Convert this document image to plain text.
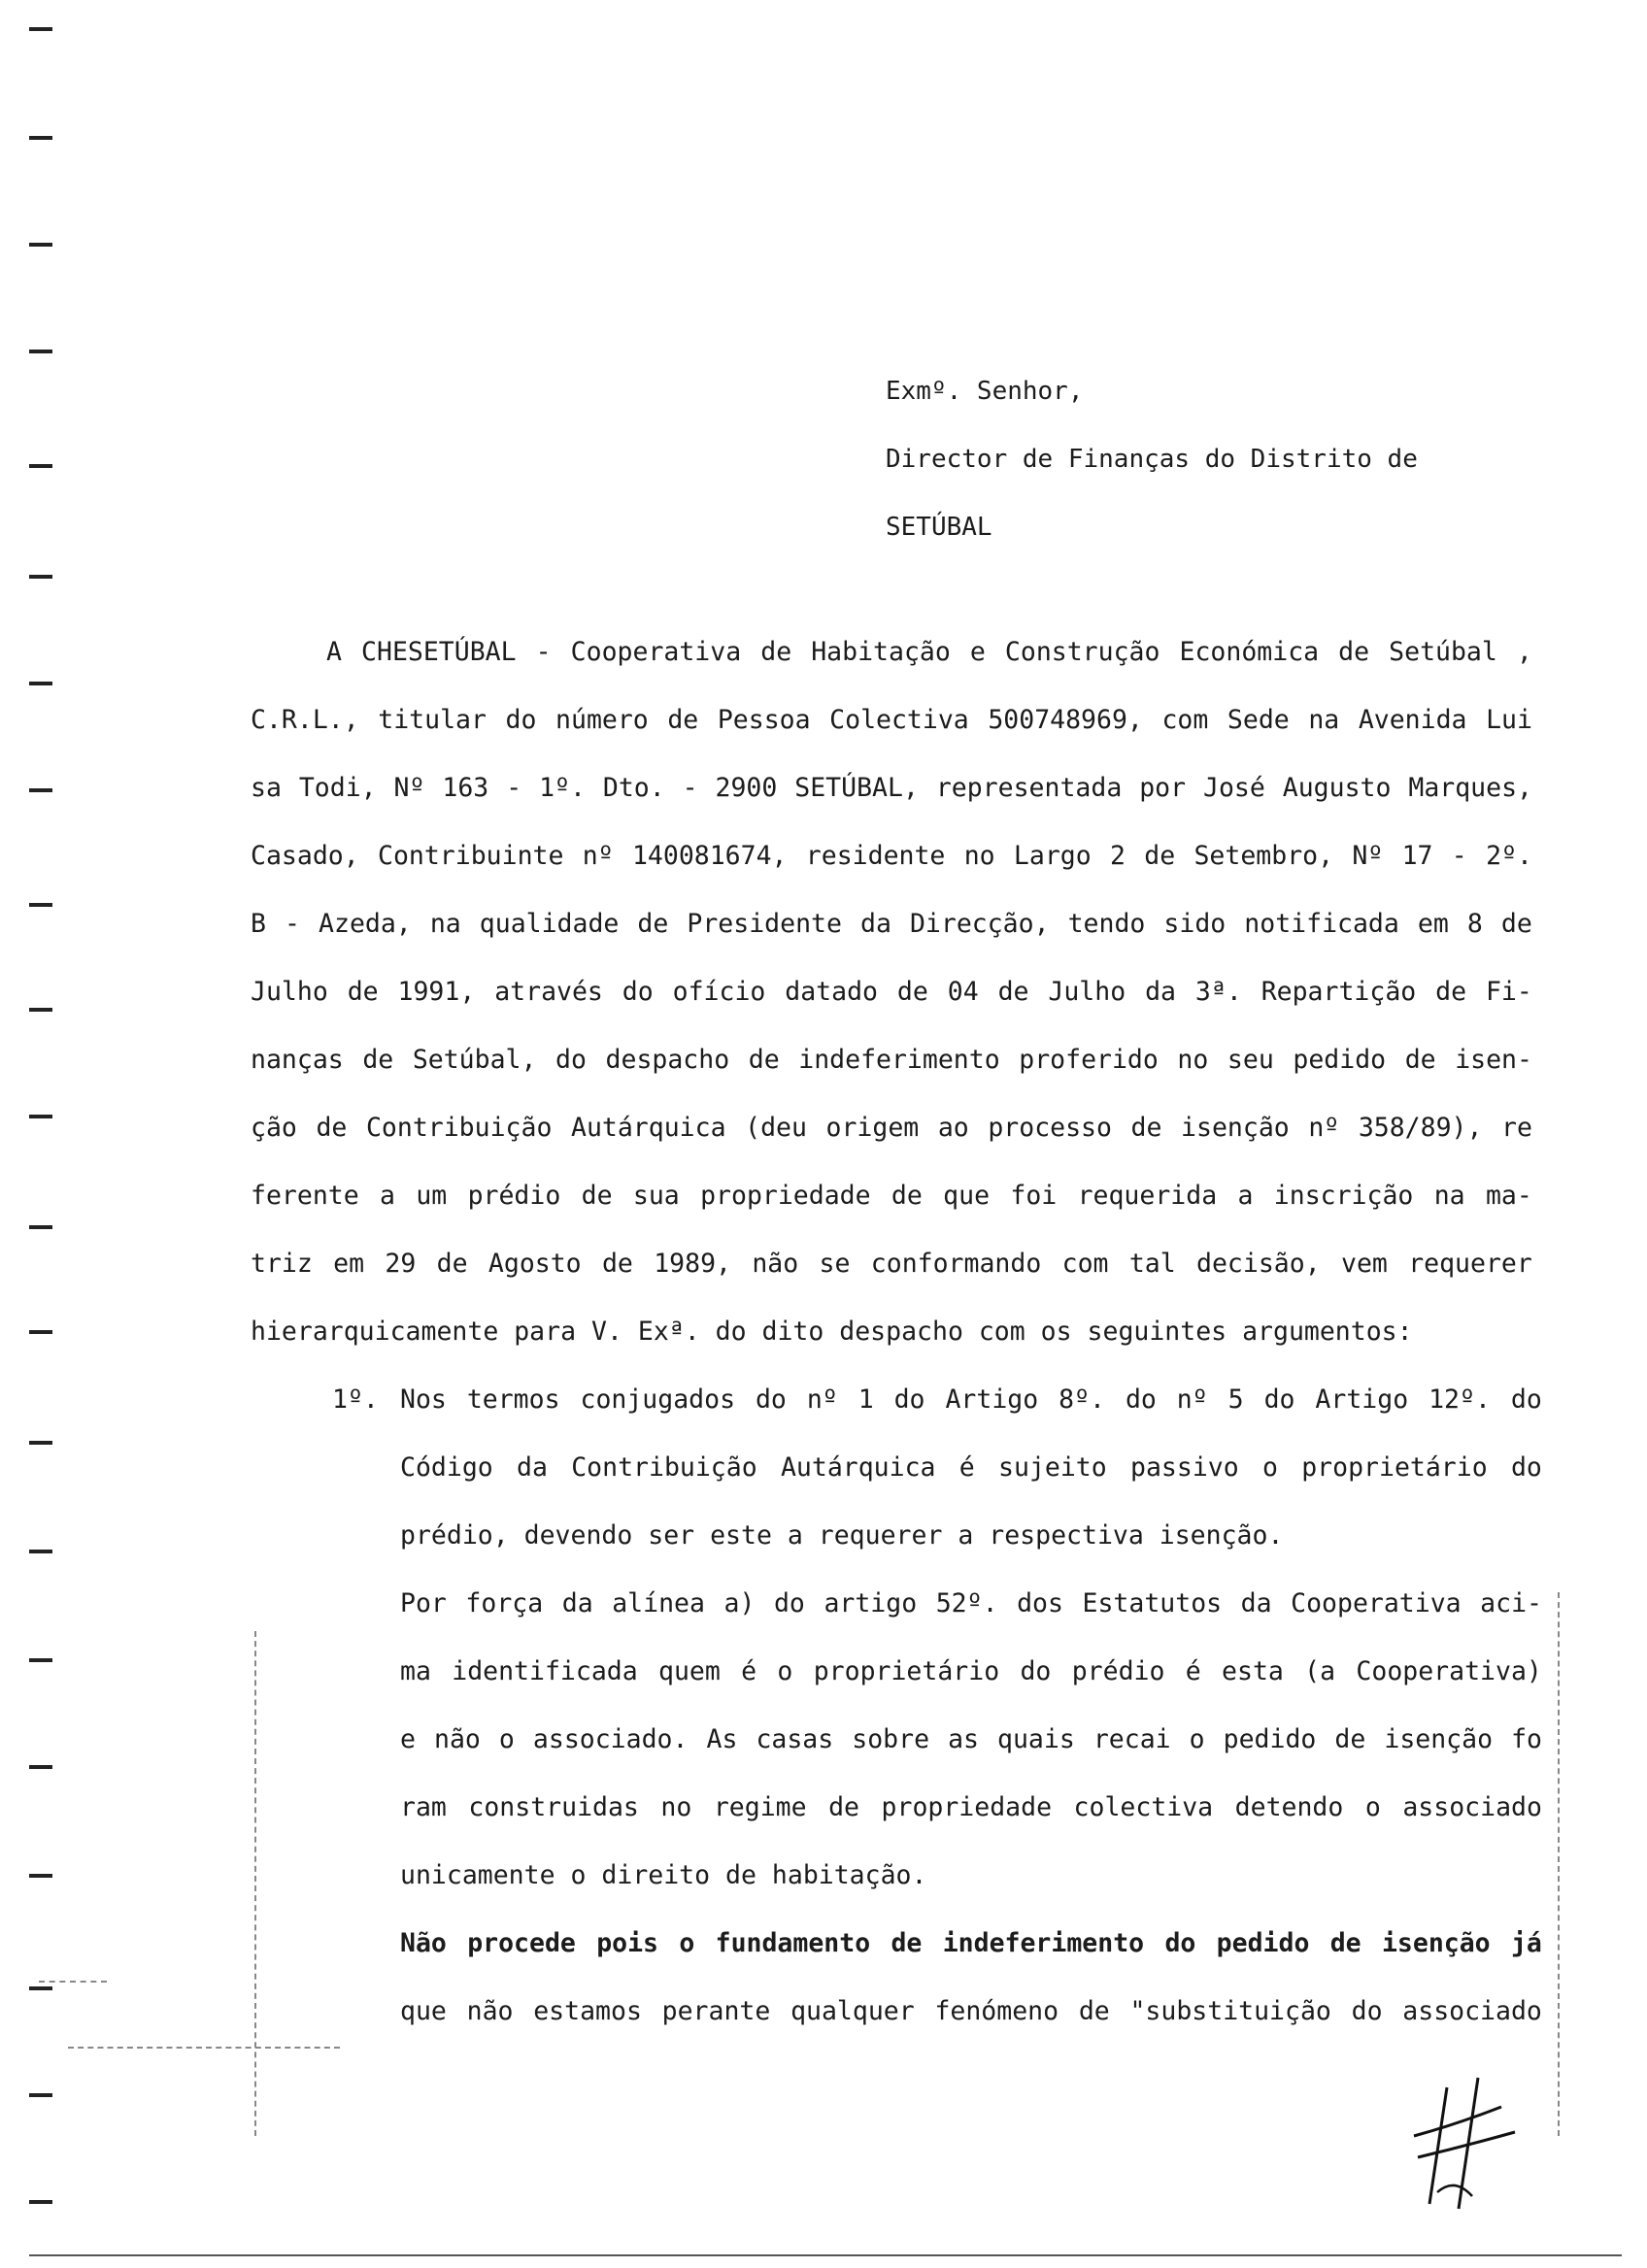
Exmº. Senhor,
Director de Finanças do Distrito de
SETÚBAL
A CHESETÚBAL - Cooperativa de Habitação e Construção Económica de Setúbal ,
C.R.L., titular do número de Pessoa Colectiva 500748969, com Sede na Avenida Lui
sa Todi, Nº 163 - 1º. Dto. - 2900 SETÚBAL, representada por José Augusto Marques,
Casado, Contribuinte nº 140081674, residente no Largo 2 de Setembro, Nº 17 - 2º.
B - Azeda, na qualidade de Presidente da Direcção, tendo sido notificada em 8 de
Julho de 1991, através do ofício datado de 04 de Julho da 3ª. Repartição de Fi-
nanças de Setúbal, do despacho de indeferimento proferido no seu pedido de isen-
ção de Contribuição Autárquica (deu origem ao processo de isenção nº 358/89), re
ferente a um prédio de sua propriedade de que foi requerida a inscrição na ma-
triz em 29 de Agosto de 1989, não se conformando com tal decisão, vem requerer
hierarquicamente para V. Exª. do dito despacho com os seguintes argumentos:
1º. Nos termos conjugados do nº 1 do Artigo 8º. do nº 5 do Artigo 12º. do
Código da Contribuição Autárquica é sujeito passivo o proprietário do
prédio, devendo ser este a requerer a respectiva isenção.
Por força da alínea a) do artigo 52º. dos Estatutos da Cooperativa aci-
ma identificada quem é o proprietário do prédio é esta (a Cooperativa)
e não o associado. As casas sobre as quais recai o pedido de isenção fo
ram construidas no regime de propriedade colectiva detendo o associado
unicamente o direito de habitação.
Não procede pois o fundamento de indeferimento do pedido de isenção já
que não estamos perante qualquer fenómeno de "substituição do associado
